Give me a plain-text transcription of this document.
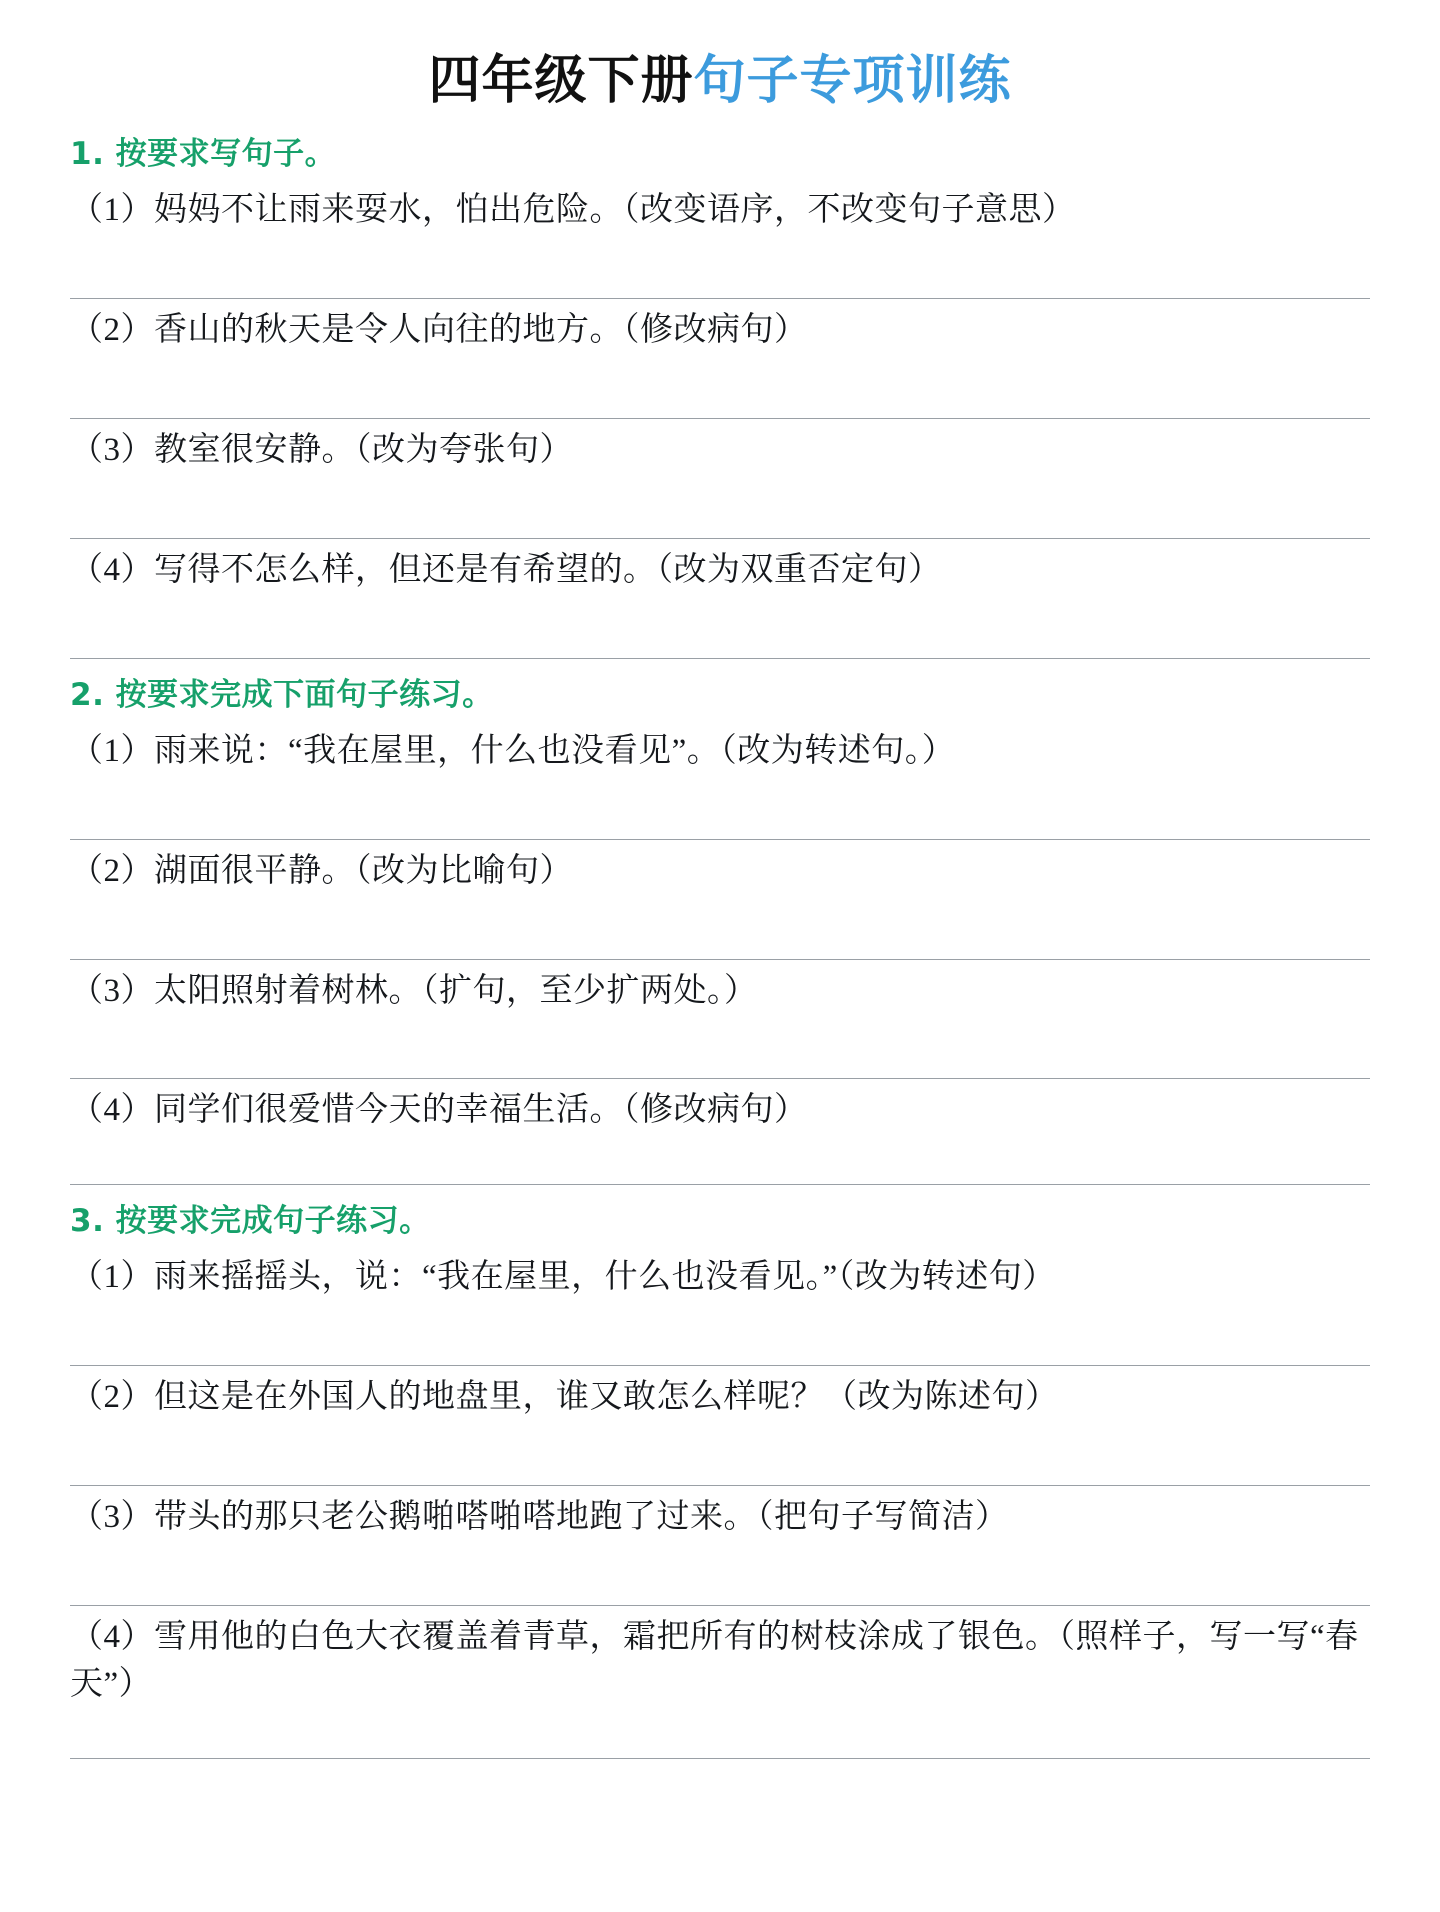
四年级下册句子专项训练
1. 按要求写句子。
（1）妈妈不让雨来耍水，怕出危险。（改变语序，不改变句子意思）
（2）香山的秋天是令人向往的地方。（修改病句）
（3）教室很安静。（改为夸张句）
（4）写得不怎么样，但还是有希望的。（改为双重否定句）
2. 按要求完成下面句子练习。
（1）雨来说：“我在屋里，什么也没看见”。（改为转述句。）
（2）湖面很平静。（改为比喻句）
（3）太阳照射着树林。（扩句，至少扩两处。）
（4）同学们很爱惜今天的幸福生活。（修改病句）
3. 按要求完成句子练习。
（1）雨来摇摇头，说：“我在屋里，什么也没看见。”（改为转述句）
（2）但这是在外国人的地盘里，谁又敢怎么样呢？（改为陈述句）
（3）带头的那只老公鹅啪嗒啪嗒地跑了过来。（把句子写简洁）
（4）雪用他的白色大衣覆盖着青草，霜把所有的树枝涂成了银色。（照样子，写一写“春天”）
